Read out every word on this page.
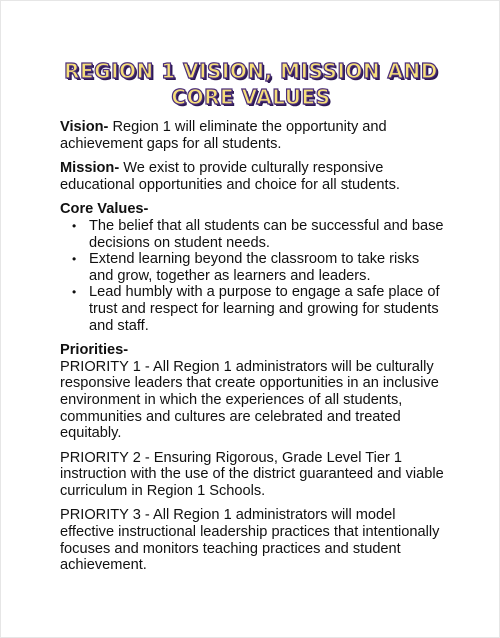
REGION 1 VISION, MISSION AND CORE VALUES

Vision- Region 1 will eliminate the opportunity and achievement gaps for all students.

Mission- We exist to provide culturally responsive educational opportunities and choice for all students.

Core Values-

• The belief that all students can be successful and base decisions on student needs.
• Extend learning beyond the classroom to take risks and grow, together as learners and leaders.
• Lead humbly with a purpose to engage a safe place of trust and respect for learning and growing for students and staff.

Priorities-

PRIORITY 1 - All Region 1 administrators will be culturally responsive leaders that create opportunities in an inclusive environment in which the experiences of all students, communities and cultures are celebrated and treated equitably.

PRIORITY 2 - Ensuring Rigorous, Grade Level Tier 1 instruction with the use of the district guaranteed and viable curriculum in Region 1 Schools.

PRIORITY 3 - All Region 1 administrators will model effective instructional leadership practices that intentionally focuses and monitors teaching practices and student achievement.
